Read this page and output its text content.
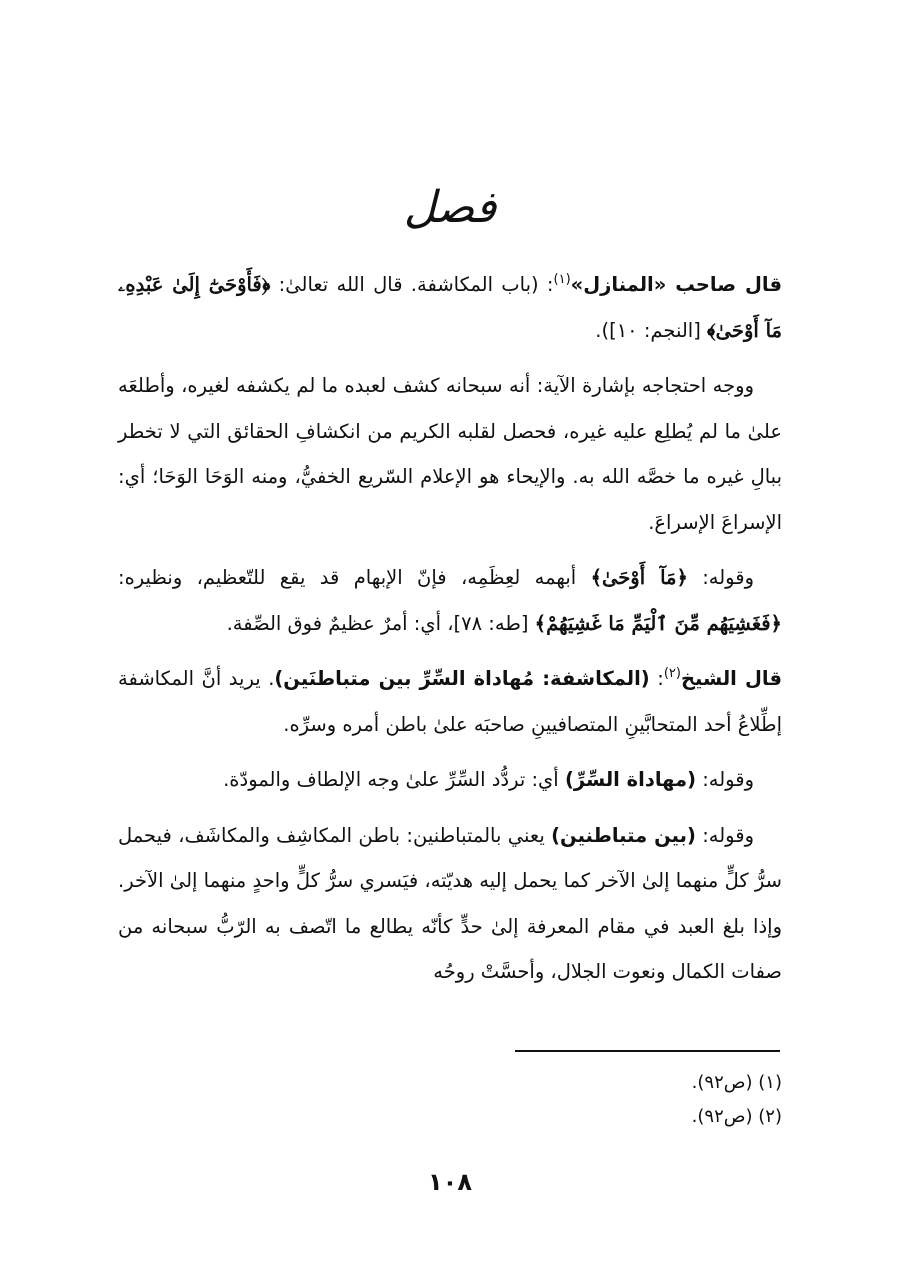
فصل

قال صاحب «المنازل»$^{(١)}$: (باب المكاشفة. قال الله تعالىٰ: ﴿فَأَوْحَىٰٓ إِلَىٰ عَبْدِهِۦ مَآ أَوْحَىٰ﴾ [النجم: ١٠]).

ووجه احتجاجه بإشارة الآية: أنه سبحانه كشف لعبده ما لم يكشفه لغيره، وأطلعَه علىٰ ما لم يُطلِع عليه غيره، فحصل لقلبه الكريم من انكشافِ الحقائق التي لا تخطر ببالِ غيره ما خصَّه الله به. والإيحاء هو الإعلام السّريع الخفيُّ، ومنه الوَحَا الوَحَا؛ أي: الإسراعَ الإسراعَ.

وقوله: ﴿مَآ أَوْحَىٰ﴾ أبهمه لعِظَمِه، فإنّ الإبهام قد يقع للتّعظيم، ونظيره: ﴿فَغَشِيَهُم مِّنَ ٱلْيَمِّ مَا غَشِيَهُمْ﴾ [طه: ٧٨]، أي: أمرٌ عظيمٌ فوق الصِّفة.

قال الشيخ$^{(٢)}$: (المكاشفة: مُهاداة السِّرِّ بين متباطنَين). يريد أنَّ المكاشفة إطِّلاعُ أحد المتحابَّينِ المتصافيينِ صاحبَه علىٰ باطن أمره وسرِّه.

وقوله: (مهاداة السِّرِّ) أي: تردُّد السِّرِّ علىٰ وجه الإلطاف والمودّة.

وقوله: (بين متباطنين) يعني بالمتباطنين: باطن المكاشِف والمكاشَف، فيحمل سرُّ كلٍّ منهما إلىٰ الآخر كما يحمل إليه هديّته، فيَسري سرُّ كلٍّ واحدٍ منهما إلىٰ الآخر. وإذا بلغ العبد في مقام المعرفة إلىٰ حدٍّ كأنّه يطالع ما اتّصف به الرّبُّ سبحانه من صفات الكمال ونعوت الجلال، وأحسَّتْ روحُه

(١) (ص٩٢).
(٢) (ص٩٢).
١٠٨
